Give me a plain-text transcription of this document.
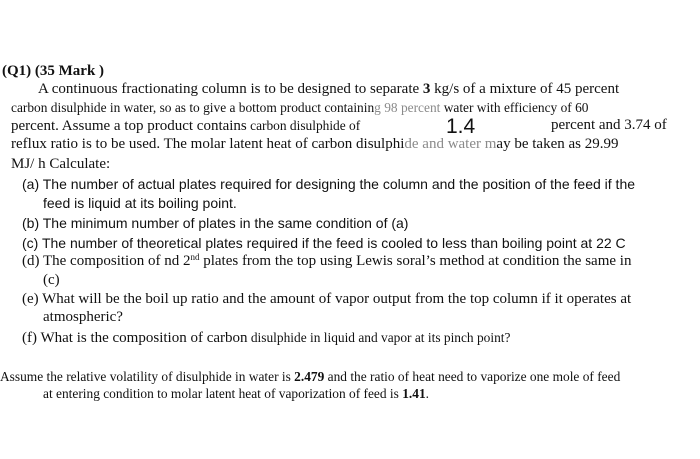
(Q1) (35 Mark )
A continuous fractionating column is to be designed to separate 3 kg/s of a mixture of 45 percent
carbon disulphide in water, so as to give a bottom product containing 98 percent water with efficiency of 60
percent. Assume a top product contains carbon disulphide of	1.4	percent and 3.74 of
reflux ratio is to be used. The molar latent heat of carbon disulphide and water may be taken as 29.99
MJ/ h Calculate:
(a) The number of actual plates required for designing the column and the position of the feed if the
feed is liquid at its boiling point.
(b) The minimum number of plates in the same condition of (a)
(c) The number of theoretical plates required if the feed is cooled to less than boiling point at 22 C
(d) The composition of nd 2nd plates from the top using Lewis soral’s method at condition the same in
(c)
(e) What will be the boil up ratio and the amount of vapor output from the top column if it operates at
atmospheric?
(f) What is the composition of carbon disulphide in liquid and vapor at its pinch point?
Assume the relative volatility of disulphide in water is 2.479 and the ratio of heat need to vaporize one mole of feed
at entering condition to molar latent heat of vaporization of feed is 1.41.
